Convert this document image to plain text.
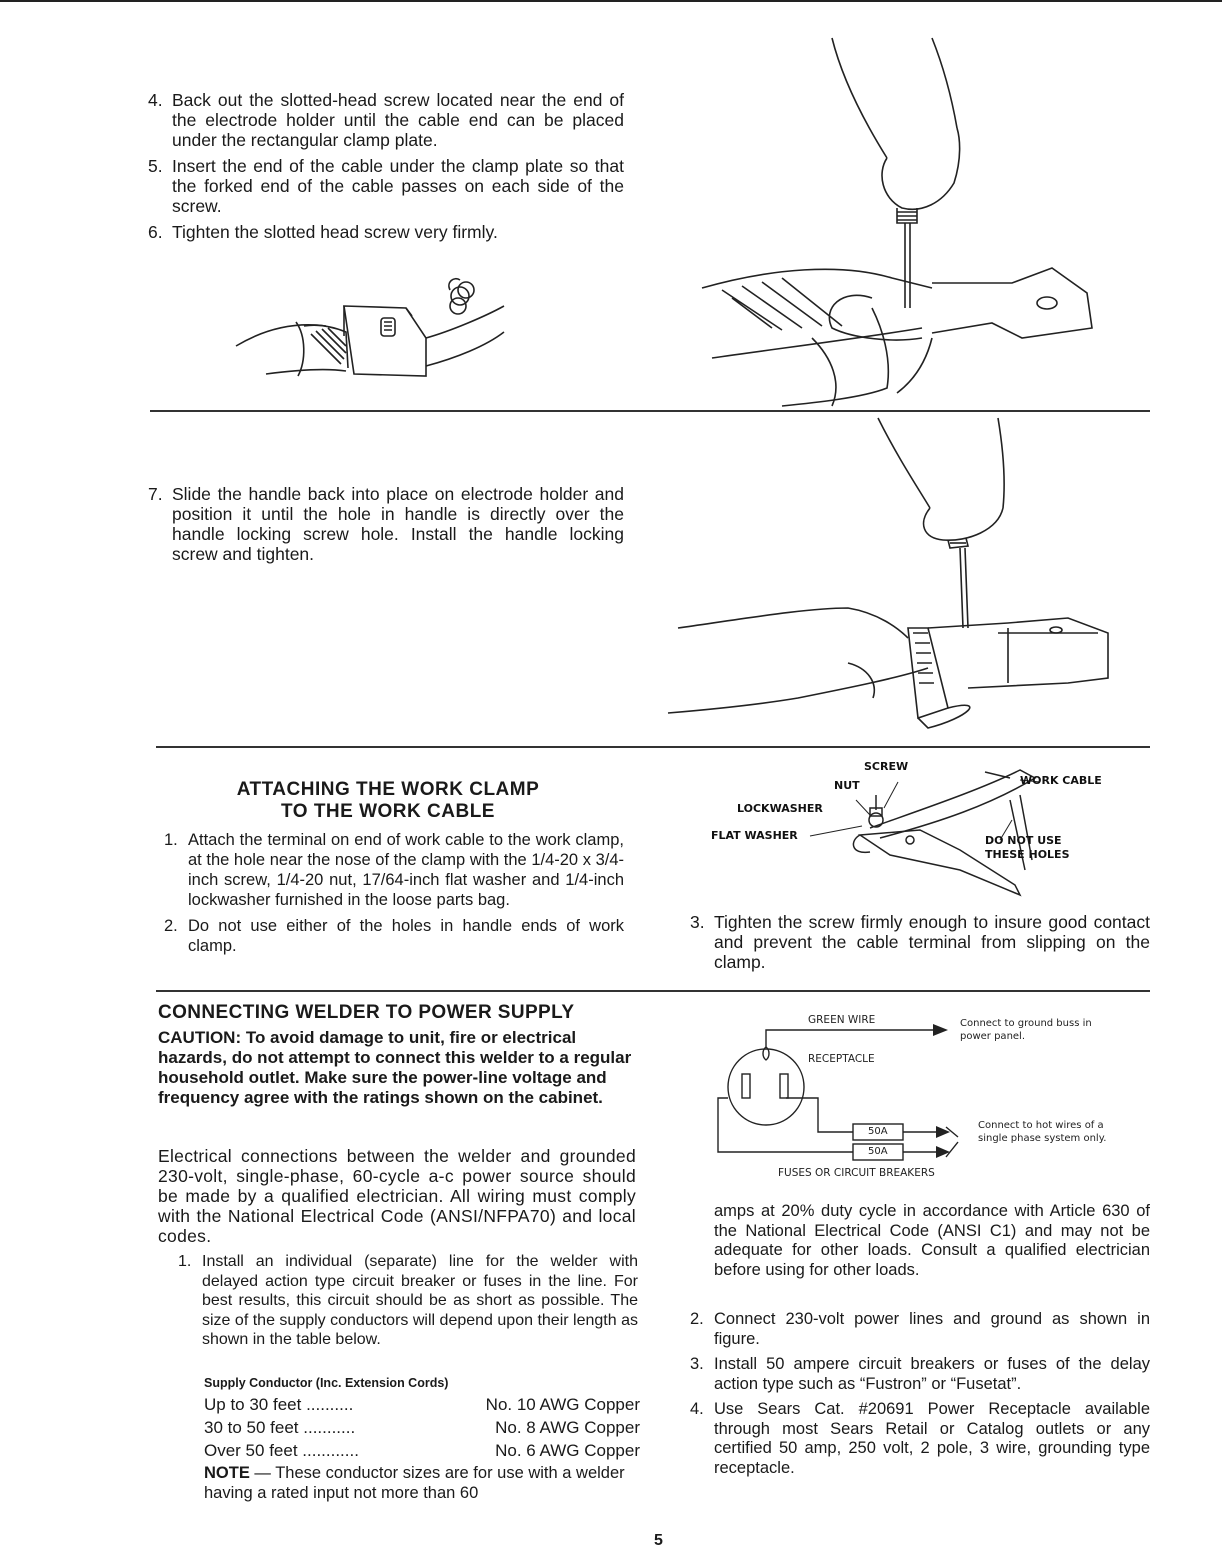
4. Back out the slotted-head screw located near the end of the electrode holder until the cable end can be placed under the rectangular clamp plate.
5. Insert the end of the cable under the clamp plate so that the forked end of the cable passes on each side of the screw.
6. Tighten the slotted head screw very firmly.
7. Slide the handle back into place on electrode holder and position it until the hole in handle is directly over the handle locking screw hole. Install the handle locking screw and tighten.
ATTACHING THE WORK CLAMP
TO THE WORK CABLE
1. Attach the terminal on end of work cable to the work clamp, at the hole near the nose of the clamp with the 1/4-20 x 3/4-inch screw, 1/4-20 nut, 17/64-inch flat washer and 1/4-inch lockwasher furnished in the loose parts bag.
2. Do not use either of the holes in handle ends of work clamp.
SCREW
NUT
LOCKWASHER
FLAT WASHER
WORK CABLE
DO NOT USE
THESE HOLES
3. Tighten the screw firmly enough to insure good contact and prevent the cable terminal from slipping on the clamp.
CONNECTING WELDER TO POWER SUPPLY
CAUTION: To avoid damage to unit, fire or electrical hazards, do not attempt to connect this welder to a regular household outlet. Make sure the power-line voltage and frequency agree with the ratings shown on the cabinet.
Electrical connections between the welder and grounded 230-volt, single-phase, 60-cycle a-c power source should be made by a qualified electrician. All wiring must comply with the National Electrical Code (ANSI/NFPA70) and local codes.
1. Install an individual (separate) line for the welder with delayed action type circuit breaker or fuses in the line. For best results, this circuit should be as short as possible. The size of the supply conductors will depend upon their length as shown in the table below.
Supply Conductor (Inc. Extension Cords)
Up to 30 feet ..........	No. 10 AWG Copper
30 to 50 feet ...........	No. 8 AWG Copper
Over 50 feet ............	No. 6 AWG Copper
NOTE — These conductor sizes are for use with a welder having a rated input not more than 60
GREEN WIRE	Connect to ground buss in
power panel.
RECEPTACLE
50A
50A
Connect to hot wires of a
single phase system only.
FUSES OR CIRCUIT BREAKERS
amps at 20% duty cycle in accordance with Article 630 of the National Electrical Code (ANSI C1) and may not be adequate for other loads. Consult a qualified electrician before using for other loads.
2. Connect 230-volt power lines and ground as shown in figure.
3. Install 50 ampere circuit breakers or fuses of the delay action type such as “Fustron” or “Fusetat”.
4. Use Sears Cat. #20691 Power Receptacle available through most Sears Retail or Catalog outlets or any certified 50 amp, 250 volt, 2 pole, 3 wire, grounding type receptacle.
5
